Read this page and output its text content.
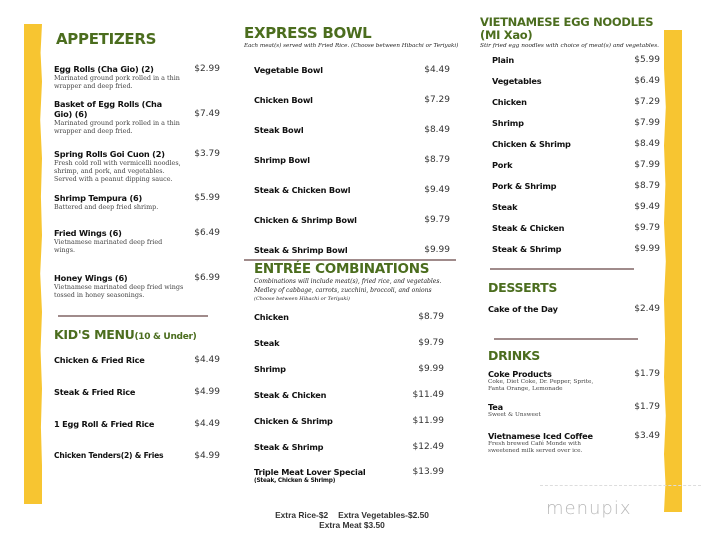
APPETIZERS
Egg Rolls (Cha Gio) (2)	$2.99
Marinated ground pork rolled in a thin wrapper and deep fried.
Basket of Egg Rolls (Cha Gio) (6)	$7.49
Marinated ground pork rolled in a thin wrapper and deep fried.
Spring Rolls Goi Cuon (2)	$3.79
Fresh cold roll with vermicelli noodles, shrimp, and pork, and vegetables. Served with a peanut dipping sauce.
Shrimp Tempura (6)	$5.99
Battered and deep fried shrimp.
Fried Wings (6)	$6.49
Vietnamese marinated deep fried wings.
Honey Wings (6)	$6.99
Vietnamese marinated deep fried wings tossed in honey seasonings.
KID'S MENU(10 & Under)
Chicken & Fried Rice	$4.49
Steak & Fried Rice	$4.99
1 Egg Roll & Fried Rice	$4.49
Chicken Tenders(2) & Fries	$4.99
EXPRESS BOWL
Each meat(s) served with Fried Rice. (Choose between Hibachi or Teriyaki)
Vegetable Bowl	$4.49
Chicken Bowl	$7.29
Steak Bowl	$8.49
Shrimp Bowl	$8.79
Steak & Chicken Bowl	$9.49
Chicken & Shrimp Bowl	$9.79
Steak & Shrimp Bowl	$9.99
ENTRÉE COMBINATIONS
Combinations will include meat(s), fried rice, and vegetables.
Medley of cabbage, carrots, zucchini, broccoli, and onions
(Choose between Hibachi or Teriyaki)
Chicken	$8.79
Steak	$9.79
Shrimp	$9.99
Steak & Chicken	$11.49
Chicken & Shrimp	$11.99
Steak & Shrimp	$12.49
Triple Meat Lover Special	$13.99
(Steak, Chicken & Shrimp)
Extra Rice-$2 Extra Vegetables-$2.50
Extra Meat $3.50
VIETNAMESE EGG NOODLES
(MI Xao)
Stir fried egg noodles with choice of meat(s) and vegetables.
Plain	$5.99
Vegetables	$6.49
Chicken	$7.29
Shrimp	$7.99
Chicken & Shrimp	$8.49
Pork	$7.99
Pork & Shrimp	$8.79
Steak	$9.49
Steak & Chicken	$9.79
Steak & Shrimp	$9.99
DESSERTS
Cake of the Day	$2.49
DRINKS
Coke Products	$1.79
Coke, Diet Coke, Dr. Pepper, Sprite, Fanta Orange, Lemonade
Tea	$1.79
Sweet & Unsweet
Vietnamese Iced Coffee	$3.49
Fresh brewed Café Monde with sweetened milk served over ice.
menupix
